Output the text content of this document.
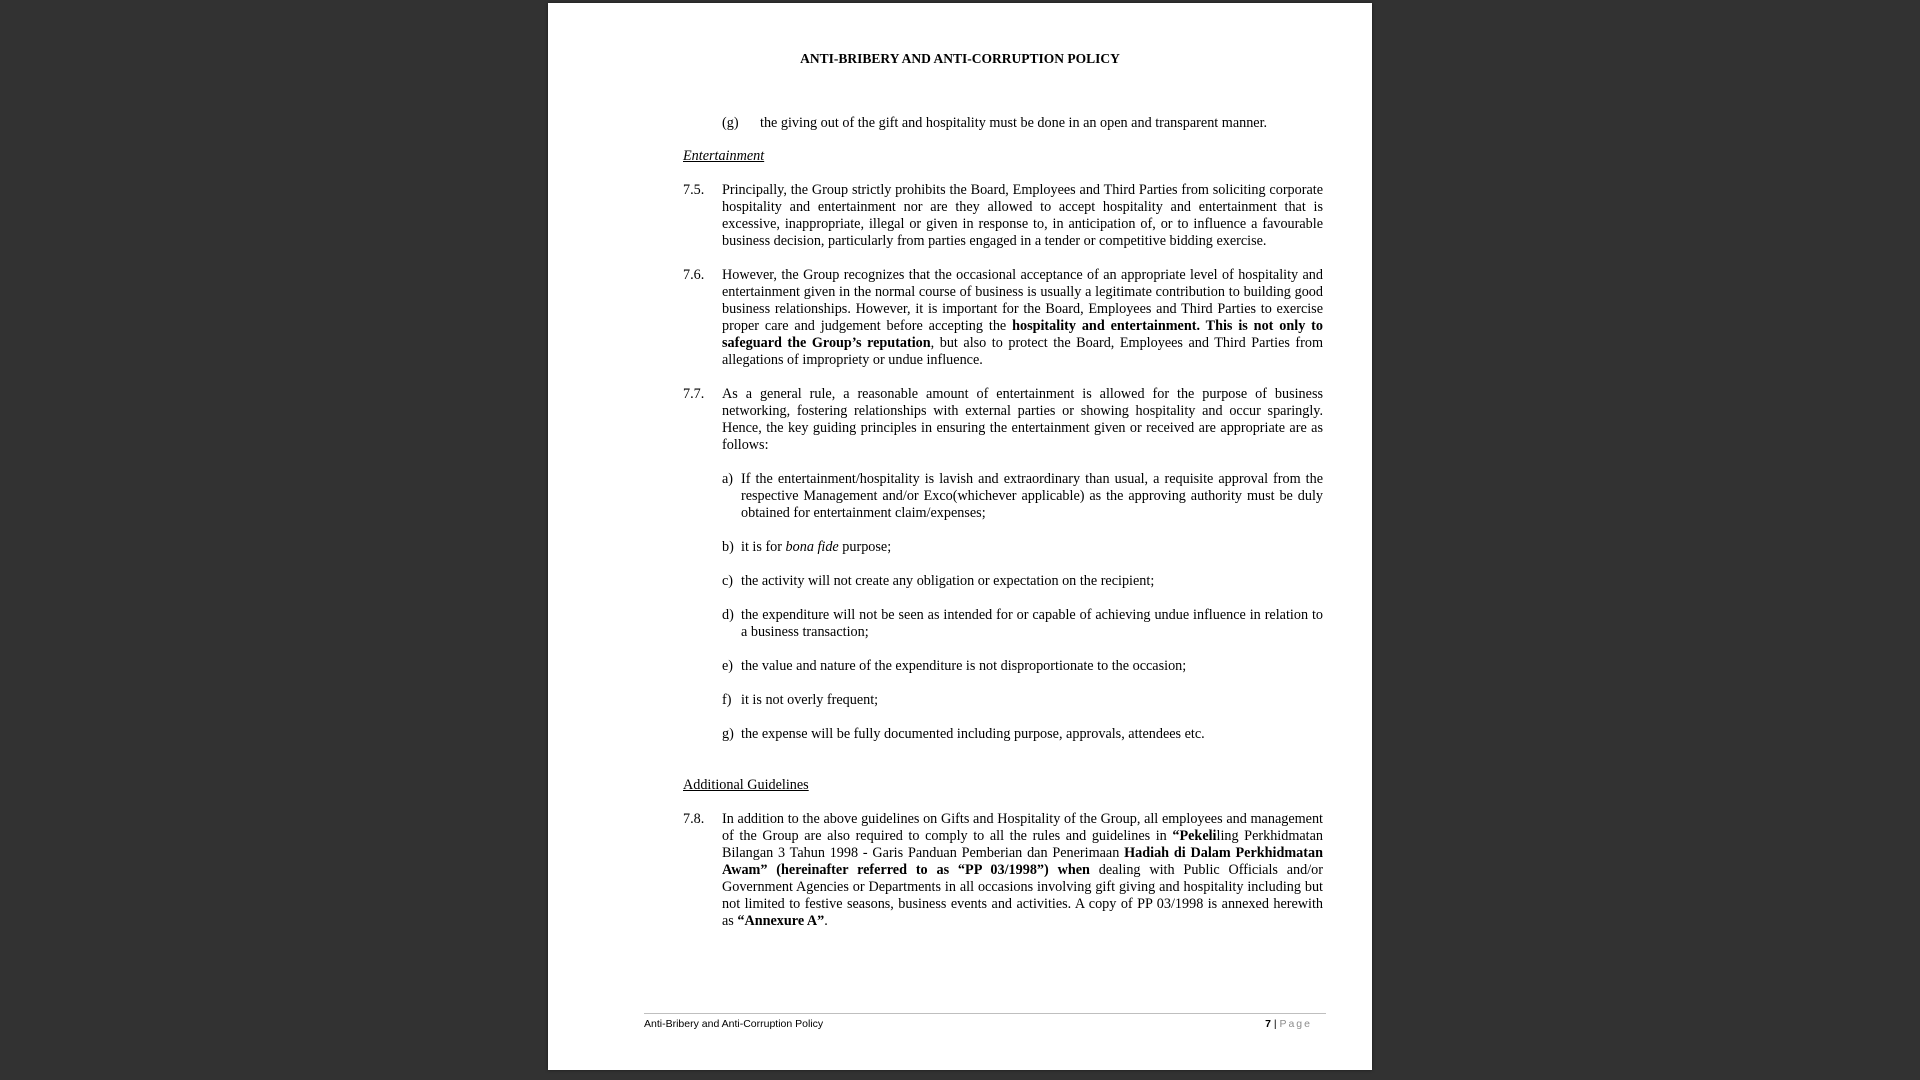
ANTI-BRIBERY AND ANTI-CORRUPTION POLICY
(g) the giving out of the gift and hospitality must be done in an open and transparent manner.
Entertainment
7.5. Principally, the Group strictly prohibits the Board, Employees and Third Parties from soliciting corporate hospitality and entertainment nor are they allowed to accept hospitality and entertainment that is excessive, inappropriate, illegal or given in response to, in anticipation of, or to influence a favourable business decision, particularly from parties engaged in a tender or competitive bidding exercise.
7.6. However, the Group recognizes that the occasional acceptance of an appropriate level of hospitality and entertainment given in the normal course of business is usually a legitimate contribution to building good business relationships. However, it is important for the Board, Employees and Third Parties to exercise proper care and judgement before accepting the hospitality and entertainment. This is not only to safeguard the Group’s reputation, but also to protect the Board, Employees and Third Parties from allegations of impropriety or undue influence.
7.7. As a general rule, a reasonable amount of entertainment is allowed for the purpose of business networking, fostering relationships with external parties or showing hospitality and occur sparingly. Hence, the key guiding principles in ensuring the entertainment given or received are appropriate are as follows:
a) If the entertainment/hospitality is lavish and extraordinary than usual, a requisite approval from the respective Management and/or Exco(whichever applicable) as the approving authority must be duly obtained for entertainment claim/expenses;
b) it is for bona fide purpose;
c) the activity will not create any obligation or expectation on the recipient;
d) the expenditure will not be seen as intended for or capable of achieving undue influence in relation to a business transaction;
e) the value and nature of the expenditure is not disproportionate to the occasion;
f) it is not overly frequent;
g) the expense will be fully documented including purpose, approvals, attendees etc.
Additional Guidelines
7.8. In addition to the above guidelines on Gifts and Hospitality of the Group, all employees and management of the Group are also required to comply to all the rules and guidelines in “Pekeliling Perkhidmatan Bilangan 3 Tahun 1998 - Garis Panduan Pemberian dan Penerimaan Hadiah di Dalam Perkhidmatan Awam” (hereinafter referred to as “PP 03/1998”) when dealing with Public Officials and/or Government Agencies or Departments in all occasions involving gift giving and hospitality including but not limited to festive seasons, business events and activities. A copy of PP 03/1998 is annexed herewith as “Annexure A”.
Anti-Bribery and Anti-Corruption Policy	7 | Page
